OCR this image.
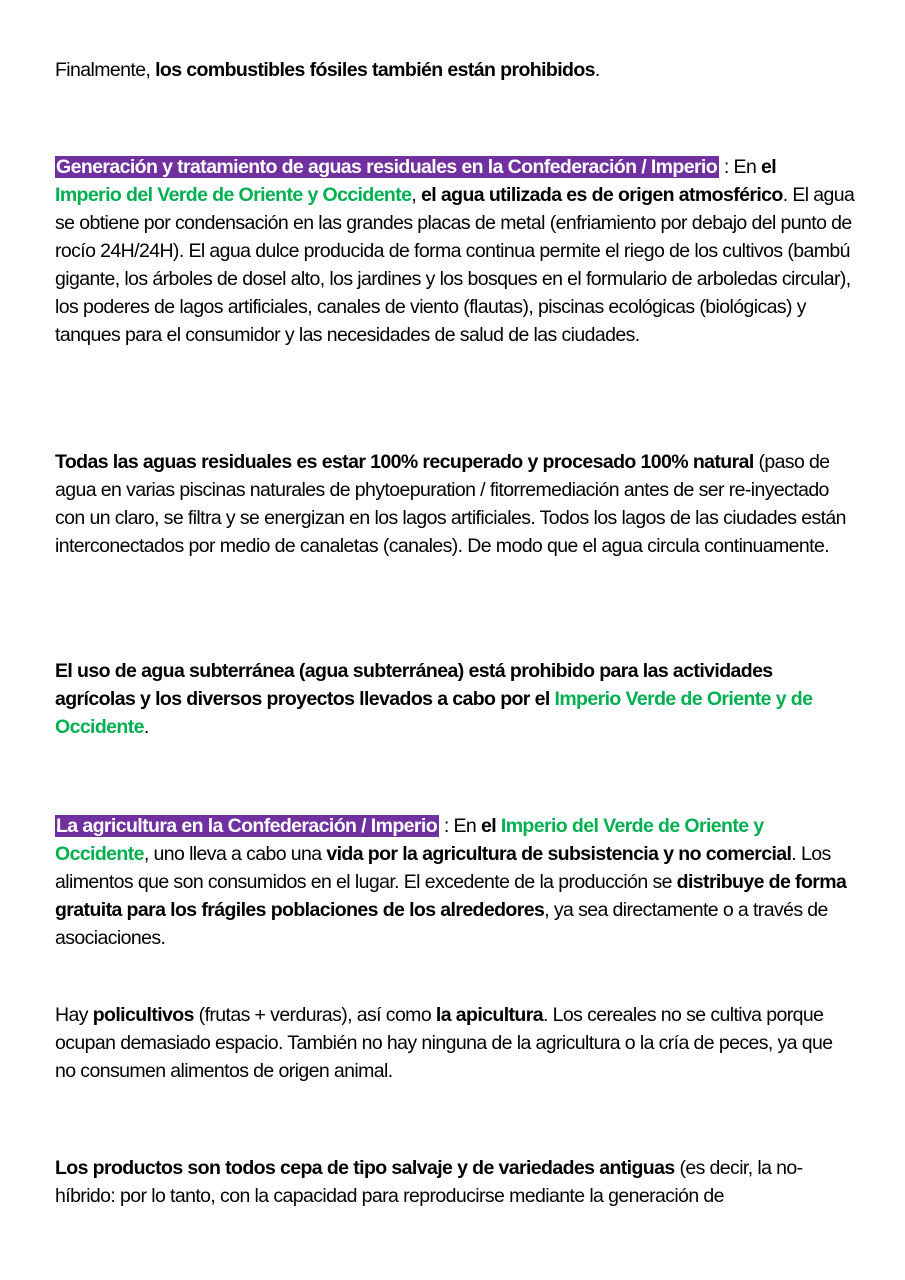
Finalmente, los combustibles fósiles también están prohibidos.

Generación y tratamiento de aguas residuales en la Confederación / Imperio : En el
Imperio del Verde de Oriente y Occidente, el agua utilizada es de origen atmosférico. El agua se obtiene por condensación en las grandes placas de metal (enfriamiento por debajo del punto de rocío 24H/24H). El agua dulce producida de forma continua permite el riego de los cultivos (bambú gigante, los árboles de dosel alto, los jardines y los bosques en el formulario de arboledas circular), los poderes de lagos artificiales, canales de viento (flautas), piscinas ecológicas (biológicas) y tanques para el consumidor y las necesidades de salud de las ciudades.

Todas las aguas residuales es estar 100% recuperado y procesado 100% natural (paso de agua en varias piscinas naturales de phytoepuration / fitorremediación antes de ser re-inyectado con un claro, se filtra y se energizan en los lagos artificiales. Todos los lagos de las ciudades están interconectados por medio de canaletas (canales). De modo que el agua circula continuamente.

El uso de agua subterránea (agua subterránea) está prohibido para las actividades agrícolas y los diversos proyectos llevados a cabo por el Imperio Verde de Oriente y de Occidente.

La agricultura en la Confederación / Imperio : En el Imperio del Verde de Oriente y Occidente, uno lleva a cabo una vida por la agricultura de subsistencia y no comercial. Los alimentos que son consumidos en el lugar. El excedente de la producción se distribuye de forma gratuita para los frágiles poblaciones de los alrededores, ya sea directamente o a través de asociaciones.

Hay policultivos (frutas + verduras), así como la apicultura. Los cereales no se cultiva porque ocupan demasiado espacio. También no hay ninguna de la agricultura o la cría de peces, ya que no consumen alimentos de origen animal.

Los productos son todos cepa de tipo salvaje y de variedades antiguas (es decir, la no-híbrido: por lo tanto, con la capacidad para reproducirse mediante la generación de
